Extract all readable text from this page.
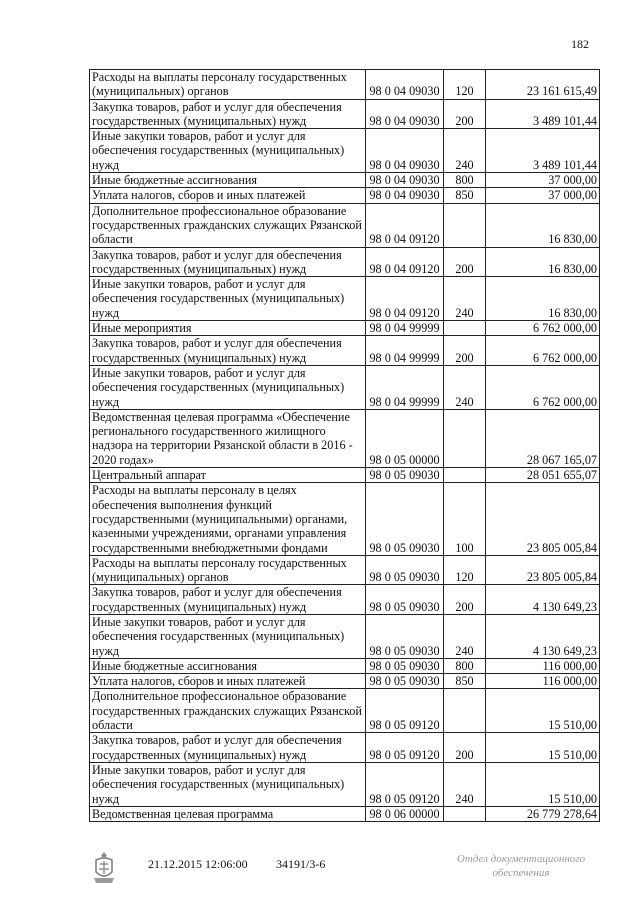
182
Расходы на выплаты персоналу государственных (муниципальных) органов	98 0 04 09030	120	23 161 615,49
Закупка товаров, работ и услуг для обеспечения государственных (муниципальных) нужд	98 0 04 09030	200	3 489 101,44
Иные закупки товаров, работ и услуг для обеспечения государственных (муниципальных) нужд	98 0 04 09030	240	3 489 101,44
Иные бюджетные ассигнования	98 0 04 09030	800	37 000,00
Уплата налогов, сборов и иных платежей	98 0 04 09030	850	37 000,00
Дополнительное профессиональное образование государственных гражданских служащих Рязанской области	98 0 04 09120		16 830,00
Закупка товаров, работ и услуг для обеспечения государственных (муниципальных) нужд	98 0 04 09120	200	16 830,00
Иные закупки товаров, работ и услуг для обеспечения государственных (муниципальных) нужд	98 0 04 09120	240	16 830,00
Иные мероприятия	98 0 04 99999		6 762 000,00
Закупка товаров, работ и услуг для обеспечения государственных (муниципальных) нужд	98 0 04 99999	200	6 762 000,00
Иные закупки товаров, работ и услуг для обеспечения государственных (муниципальных) нужд	98 0 04 99999	240	6 762 000,00
Ведомственная целевая программа «Обеспечение регионального государственного жилищного надзора на территории Рязанской области в 2016 - 2020 годах»	98 0 05 00000		28 067 165,07
Центральный аппарат	98 0 05 09030		28 051 655,07
Расходы на выплаты персоналу в целях обеспечения выполнения функций государственными (муниципальными) органами, казенными учреждениями, органами управления государственными внебюджетными фондами	98 0 05 09030	100	23 805 005,84
Расходы на выплаты персоналу государственных (муниципальных) органов	98 0 05 09030	120	23 805 005,84
Закупка товаров, работ и услуг для обеспечения государственных (муниципальных) нужд	98 0 05 09030	200	4 130 649,23
Иные закупки товаров, работ и услуг для обеспечения государственных (муниципальных) нужд	98 0 05 09030	240	4 130 649,23
Иные бюджетные ассигнования	98 0 05 09030	800	116 000,00
Уплата налогов, сборов и иных платежей	98 0 05 09030	850	116 000,00
Дополнительное профессиональное образование государственных гражданских служащих Рязанской области	98 0 05 09120		15 510,00
Закупка товаров, работ и услуг для обеспечения государственных (муниципальных) нужд	98 0 05 09120	200	15 510,00
Иные закупки товаров, работ и услуг для обеспечения государственных (муниципальных) нужд	98 0 05 09120	240	15 510,00
Ведомственная целевая программа	98 0 06 00000		26 779 278,64
21.12.2015 12:06:00 34191/3-6	Отдел документационного
обеспечения
